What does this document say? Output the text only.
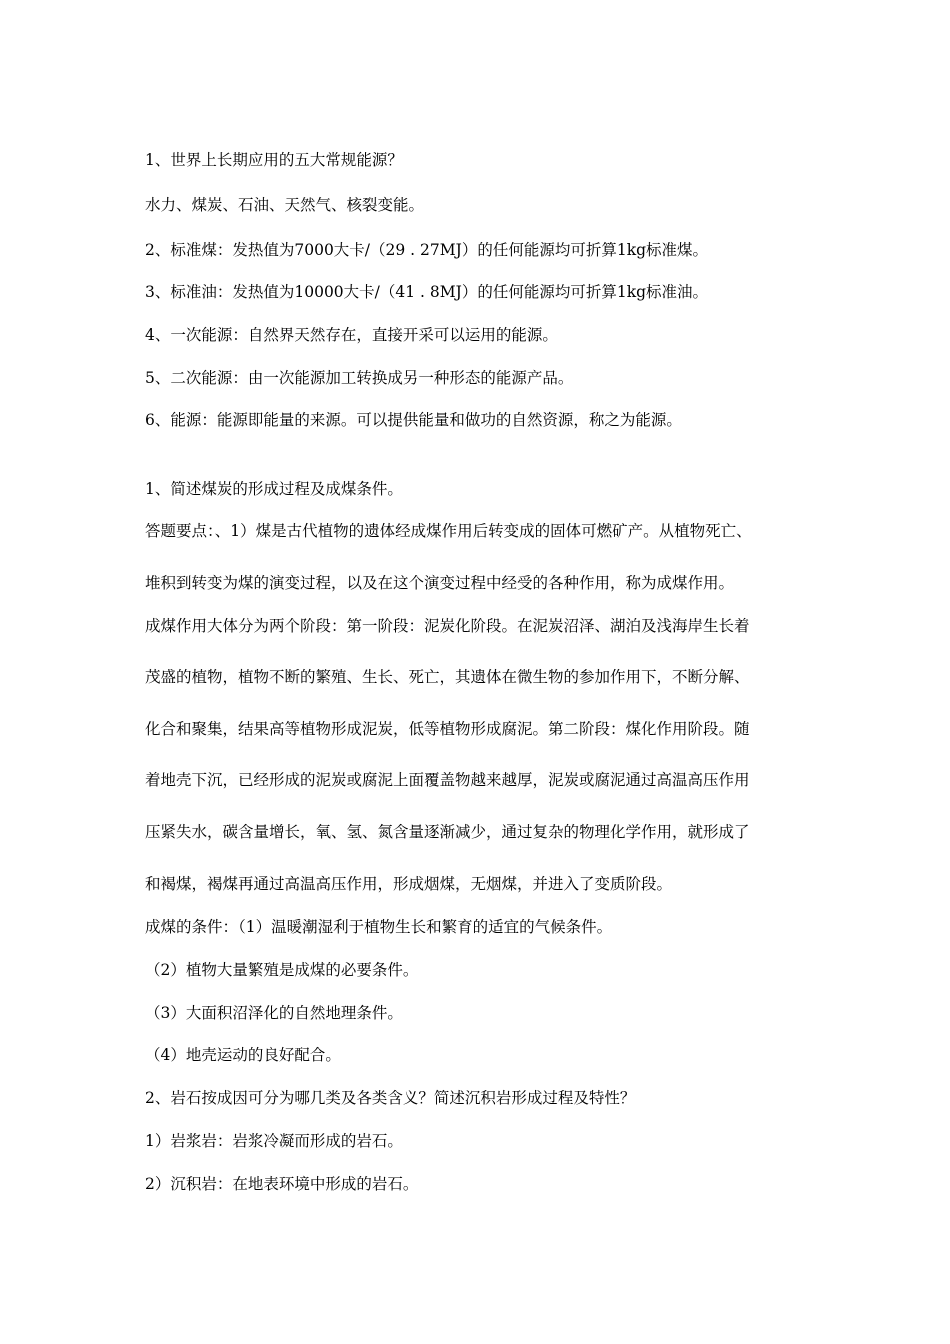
1、世界上长期应用的五大常规能源？
水力、煤炭、石油、天然气、核裂变能。
2、标准煤：发热值为7000大卡/（29 . 27MJ）的任何能源均可折算1kg标准煤。
3、标准油：发热值为10000大卡/（41 . 8MJ）的任何能源均可折算1kg标准油。
4、一次能源：自然界天然存在，直接开采可以运用的能源。
5、二次能源：由一次能源加工转换成另一种形态的能源产品。
6、能源：能源即能量的来源。可以提供能量和做功的自然资源，称之为能源。
1、简述煤炭的形成过程及成煤条件。
答题要点：、1）煤是古代植物的遗体经成煤作用后转变成的固体可燃矿产。从植物死亡、
堆积到转变为煤的演变过程，以及在这个演变过程中经受的各种作用，称为成煤作用。
成煤作用大体分为两个阶段：第一阶段：泥炭化阶段。在泥炭沼泽、湖泊及浅海岸生长着
茂盛的植物，植物不断的繁殖、生长、死亡，其遗体在微生物的参加作用下，不断分解、
化合和聚集，结果高等植物形成泥炭，低等植物形成腐泥。第二阶段：煤化作用阶段。随
着地壳下沉，已经形成的泥炭或腐泥上面覆盖物越来越厚，泥炭或腐泥通过高温高压作用
压紧失水，碳含量增长，氧、氢、氮含量逐渐减少，通过复杂的物理化学作用，就形成了
和褐煤，褐煤再通过高温高压作用，形成烟煤，无烟煤，并进入了变质阶段。
成煤的条件：（1）温暖潮湿利于植物生长和繁育的适宜的气候条件。
（2）植物大量繁殖是成煤的必要条件。
（3）大面积沼泽化的自然地理条件。
（4）地壳运动的良好配合。
2、岩石按成因可分为哪几类及各类含义？简述沉积岩形成过程及特性？
1）岩浆岩：岩浆冷凝而形成的岩石。
2）沉积岩：在地表环境中形成的岩石。
